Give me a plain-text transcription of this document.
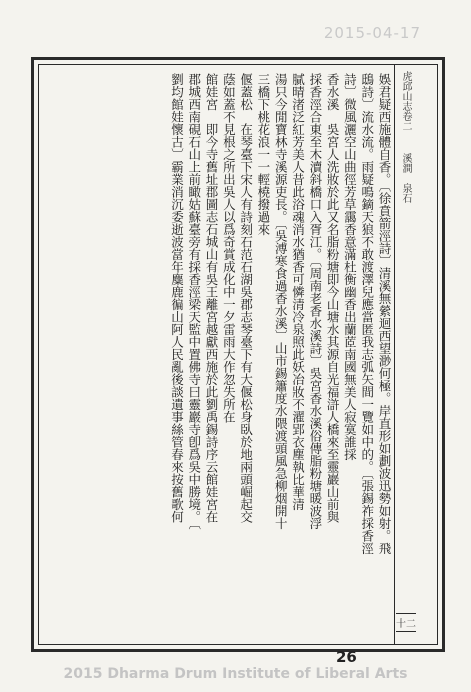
2015-04-17
虎邱山志卷二溪澗　泉石
十二
娛君疑西施體自香。〔徐賁箭涇詩〕清溪無縈迴西望渺何極。岸直形如劃波迅勢如射。飛
鴟詩〕流水流。雨疑鳴鏑天狼不敢渡澤兒應當匿我志弧矢間一覽如中的。〔張錫祚採香涇
詩〕微風灑空山曲徑芳草靄香意滿杜衡幽香出蘭茝南國無美人寂寞誰採
香水溪　吳宮人洗妝於此又名脂粉塘即今山塘水其源自光福滸人橋來至靈巖山前與
採香涇合東至木瀆斜橋口入胥江。〔周南老香水溪詩〕吳宮香水溪俗傳脂粉塘暖波浮
膩晴渚泛紅芳美人昔此浴魂消水猶香可憐清冷泉照此妖冶妝不濯郢衣塵執比華清
湯只今閒寶林寺溪源吏長。〔吳溥寒食過香水溪〕山市錫簫度水隈渡頭風急柳烟開十
三橋下桃花浪一一輕橈撥過來
偃蓋松　在琴臺下宋人有詩刻石范石湖吳郡志琴臺下有大偃松身臥於地兩頭崛起交
蔭如蓋不見根之所出吳人以爲奇賞成化中一夕雷雨大作忽失所在
館娃宮　即今寺舊址郡圖志石城山有吳王離宮越獻西施於此劉禹錫詩序云館娃宮在
郡城西南硯石山上前瞰姑蘇臺旁有採香涇梁天監中置佛寺曰靈巖寺卽爲吳中勝境。〔
劉均館娃懷古〕霸業消沉委逝波當年麋鹿徧山阿人民亂後談遺事絲管春來按舊歌何
26
2015 Dharma Drum Institute of Liberal Arts
